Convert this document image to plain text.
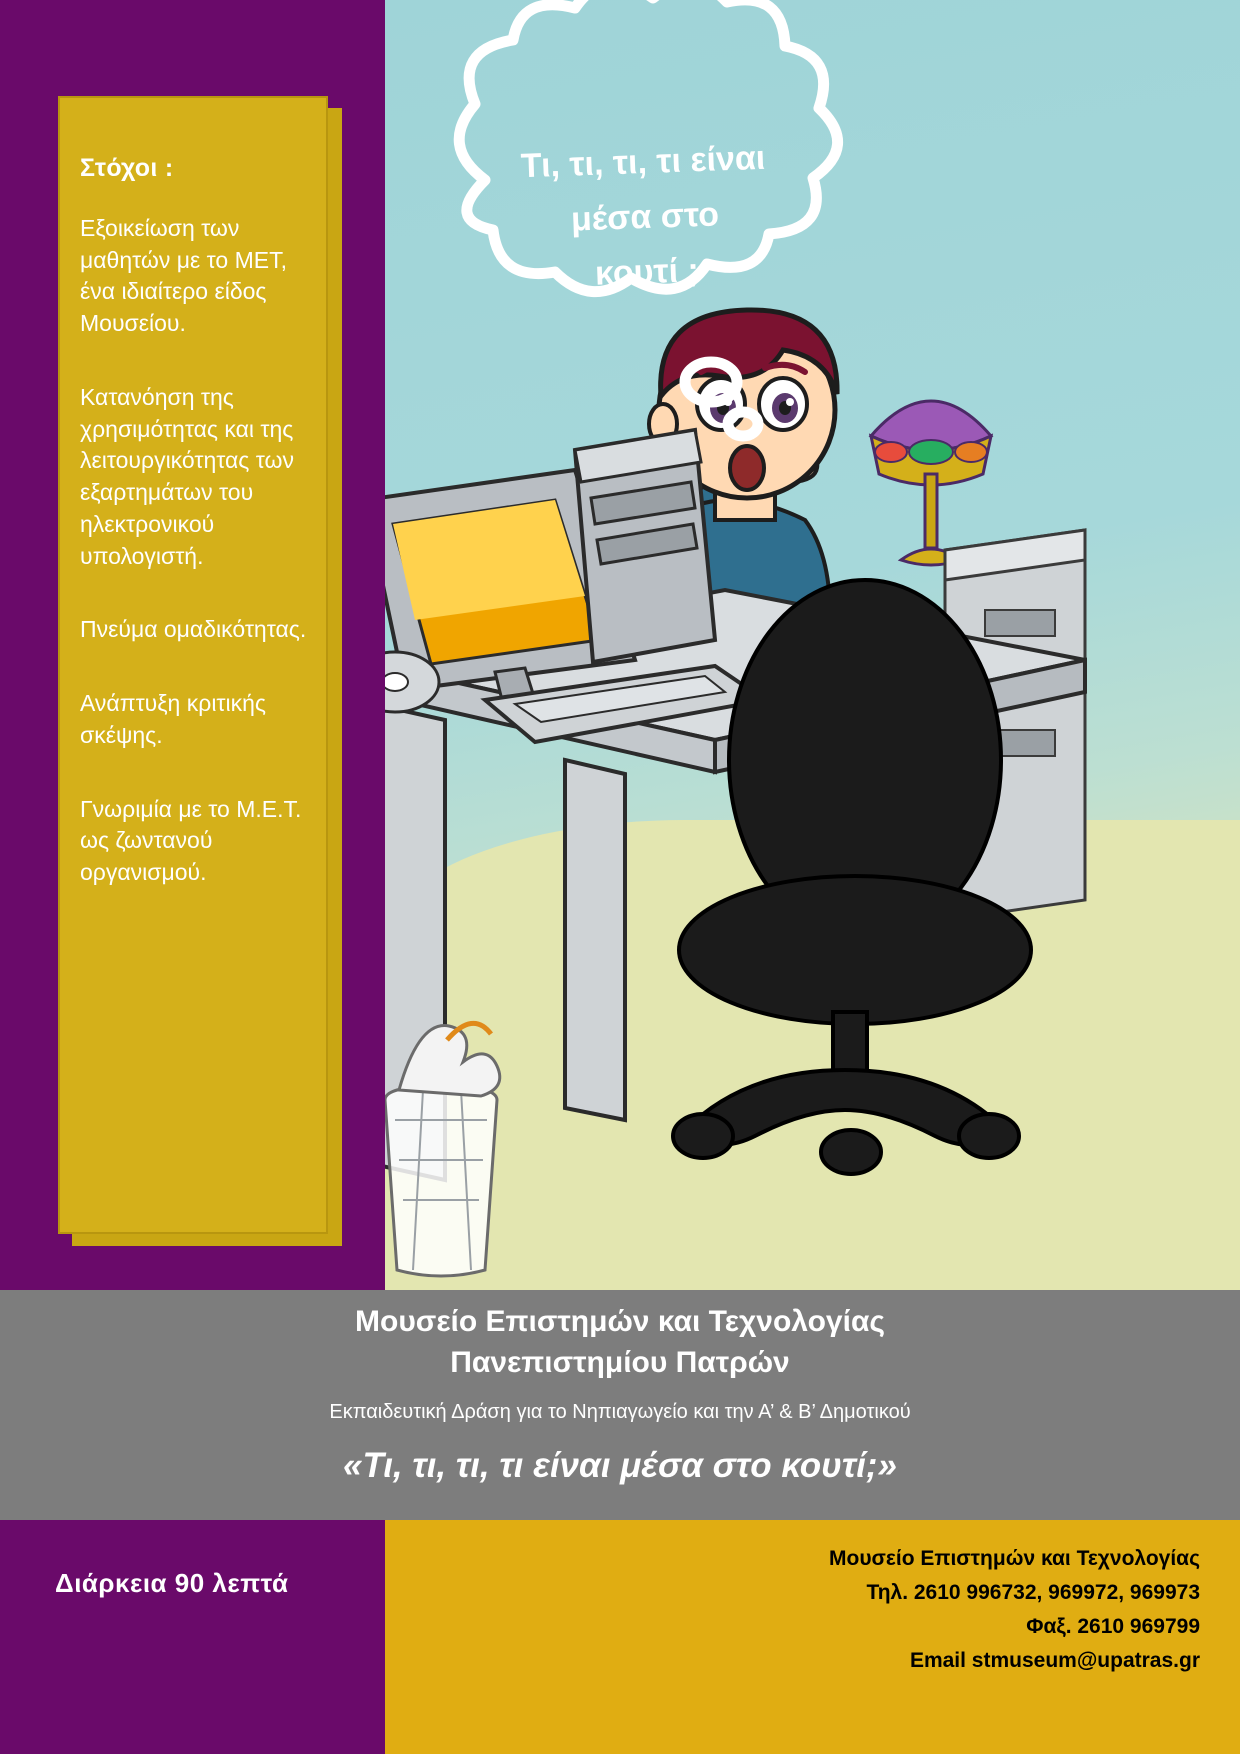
Τι, τι, τι, τι είναι
μέσα στο
κουτί ;
Στόχοι :

Εξοικείωση των μαθητών με το ΜΕΤ, ένα ιδιαίτερο είδος Μουσείου.

Κατανόηση της χρησιμότητας και της λειτουργικότητας των εξαρτημάτων του ηλεκτρονικού υπολογιστή.

Πνεύμα ομαδικότητας.

Ανάπτυξη κριτικής σκέψης.

Γνωριμία με το Μ.Ε.Τ. ως ζωντανού οργανισμού.

Μουσείο Επιστημών και Τεχνολογίας

Πανεπιστημίου Πατρών

Εκπαιδευτική Δράση για το Νηπιαγωγείο και την Α’ & Β’ Δημοτικού

«Τι, τι, τι, τι είναι μέσα στο κουτί;»

Διάρκεια 90 λεπτά
Μουσείο Επιστημών και Τεχνολογίας
Τηλ. 2610 996732, 969972, 969973
Φαξ. 2610 969799
Email stmuseum@upatras.gr
